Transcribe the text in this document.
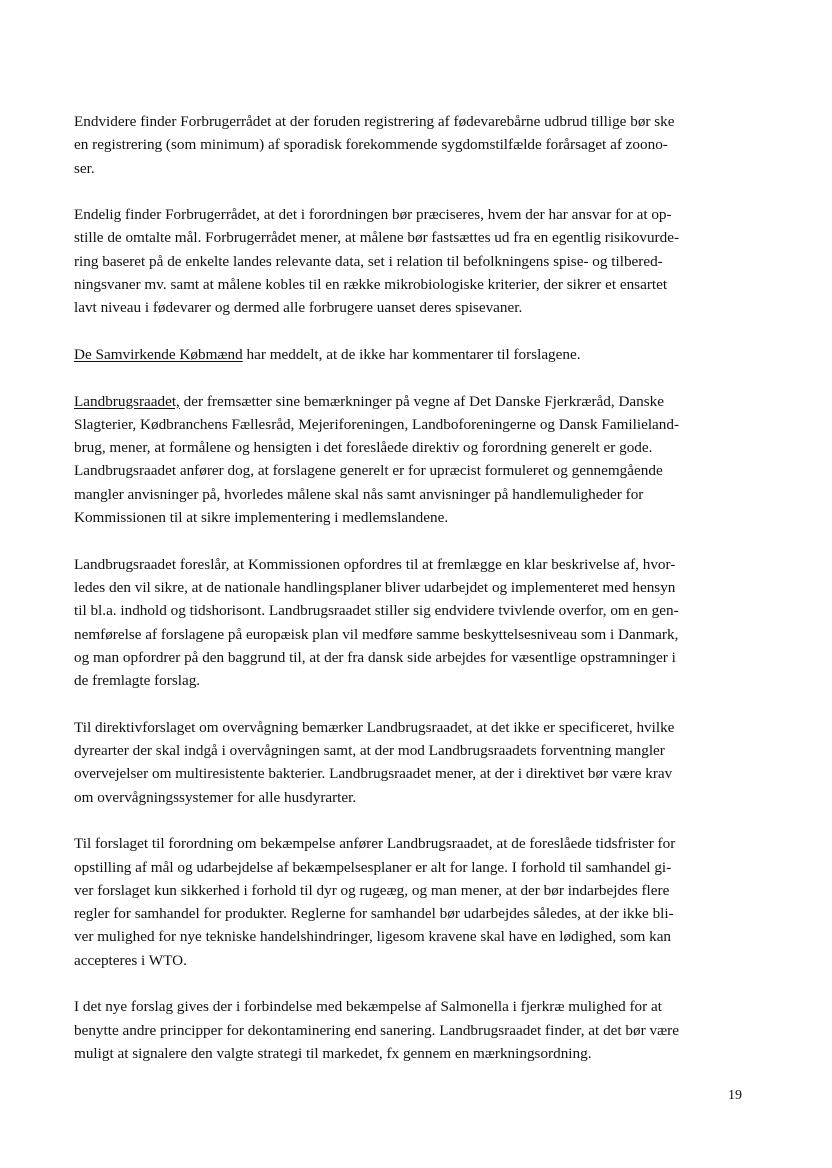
Endvidere finder Forbrugerrådet at der foruden registrering af fødevarebårne udbrud tillige bør ske
en registrering (som minimum) af sporadisk forekommende sygdomstilfælde forårsaget af zoono-
ser.

Endelig finder Forbrugerrådet, at det i forordningen bør præciseres, hvem der har ansvar for at op-
stille de omtalte mål. Forbrugerrådet mener, at målene bør fastsættes ud fra en egentlig risikovurde-
ring baseret på de enkelte landes relevante data, set i relation til befolkningens spise- og tilbered-
ningsvaner mv. samt at målene kobles til en række mikrobiologiske kriterier, der sikrer et ensartet
lavt niveau i fødevarer og dermed alle forbrugere uanset deres spisevaner.

De Samvirkende Købmænd har meddelt, at de ikke har kommentarer til forslagene.

Landbrugsraadet, der fremsætter sine bemærkninger på vegne af Det Danske Fjerkræråd, Danske
Slagterier, Kødbranchens Fællesråd, Mejeriforeningen, Landboforeningerne og Dansk Familieland-
brug, mener, at formålene og hensigten i det foreslåede direktiv og forordning generelt er gode.
Landbrugsraadet anfører dog, at forslagene generelt er for upræcist formuleret og gennemgående
mangler anvisninger på, hvorledes målene skal nås samt anvisninger på handlemuligheder for
Kommissionen til at sikre implementering i medlemslandene.

Landbrugsraadet foreslår, at Kommissionen opfordres til at fremlægge en klar beskrivelse af, hvor-
ledes den vil sikre, at de nationale handlingsplaner bliver udarbejdet og implementeret med hensyn
til bl.a. indhold og tidshorisont. Landbrugsraadet stiller sig endvidere tvivlende overfor, om en gen-
nemførelse af forslagene på europæisk plan vil medføre samme beskyttelsesniveau som i Danmark,
og man opfordrer på den baggrund til, at der fra dansk side arbejdes for væsentlige opstramninger i
de fremlagte forslag.

Til direktivforslaget om overvågning bemærker Landbrugsraadet, at det ikke er specificeret, hvilke
dyrearter der skal indgå i overvågningen samt, at der mod Landbrugsraadets forventning mangler
overvejelser om multiresistente bakterier. Landbrugsraadet mener, at der i direktivet bør være krav
om overvågningssystemer for alle husdyrarter.

Til forslaget til forordning om bekæmpelse anfører Landbrugsraadet, at de foreslåede tidsfrister for
opstilling af mål og udarbejdelse af bekæmpelsesplaner er alt for lange. I forhold til samhandel gi-
ver forslaget kun sikkerhed i forhold til dyr og rugeæg, og man mener, at der bør indarbejdes flere
regler for samhandel for produkter. Reglerne for samhandel bør udarbejdes således, at der ikke bli-
ver mulighed for nye tekniske handelshindringer, ligesom kravene skal have en lødighed, som kan
accepteres i WTO.

I det nye forslag gives der i forbindelse med bekæmpelse af Salmonella i fjerkræ mulighed for at
benytte andre principper for dekontaminering end sanering. Landbrugsraadet finder, at det bør være
muligt at signalere den valgte strategi til markedet, fx gennem en mærkningsordning.

19
